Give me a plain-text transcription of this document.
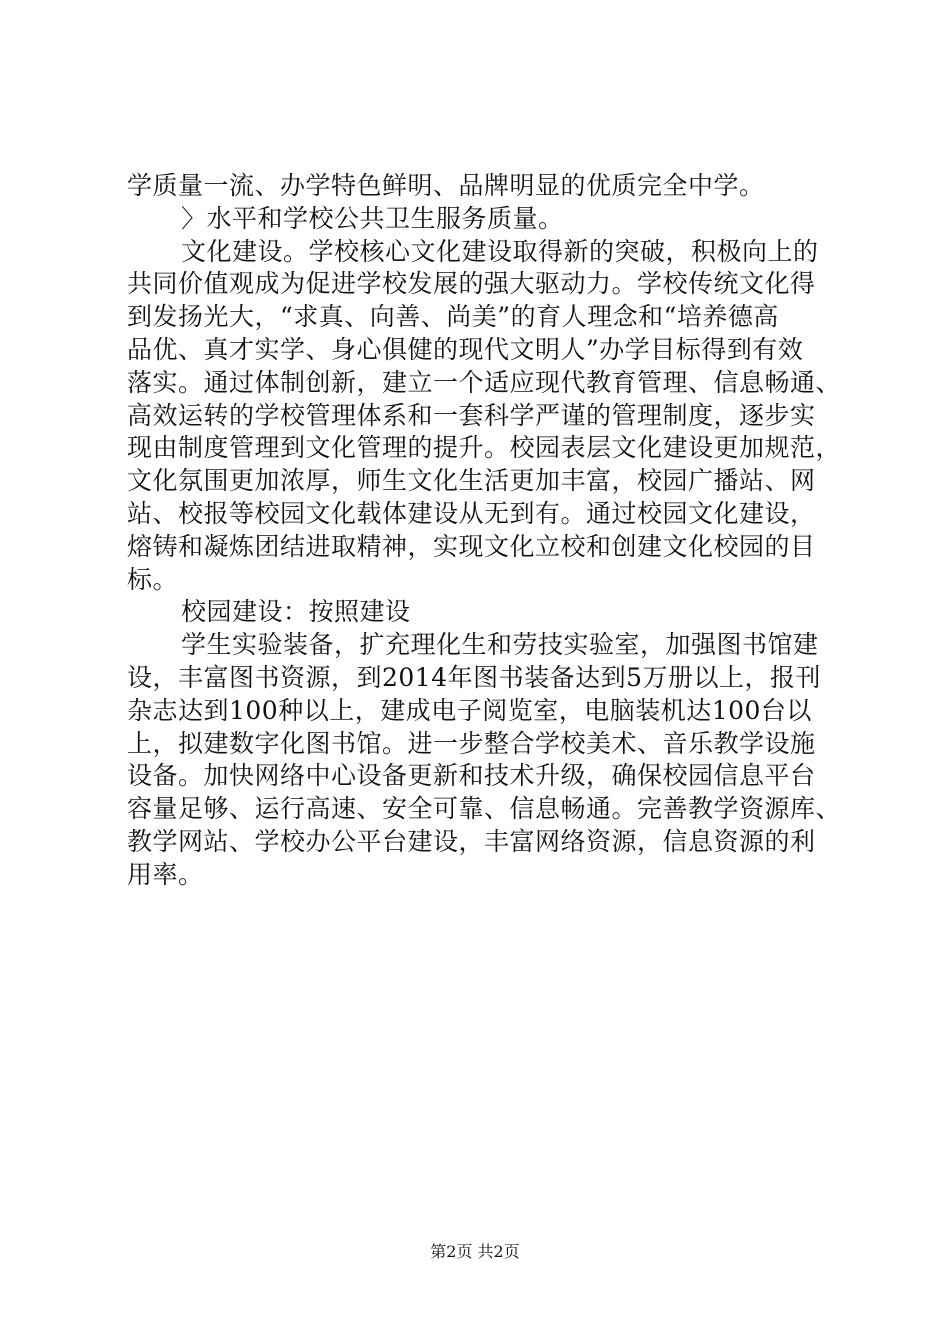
学质量一流、办学特色鲜明、品牌明显的优质完全中学。
〉水平和学校公共卫生服务质量。
文化建设。学校核心文化建设取得新的突破，积极向上的
共同价值观成为促进学校发展的强大驱动力。学校传统文化得
到发扬光大，“求真、向善、尚美”的育人理念和“培养德高
品优、真才实学、身心俱健的现代文明人”办学目标得到有效
落实。通过体制创新，建立一个适应现代教育管理、信息畅通、
高效运转的学校管理体系和一套科学严谨的管理制度，逐步实
现由制度管理到文化管理的提升。校园表层文化建设更加规范，
文化氛围更加浓厚，师生文化生活更加丰富，校园广播站、网
站、校报等校园文化载体建设从无到有。通过校园文化建设，
熔铸和凝炼团结进取精神，实现文化立校和创建文化校园的目
标。
校园建设：按照建设
学生实验装备，扩充理化生和劳技实验室，加强图书馆建
设，丰富图书资源，到2014年图书装备达到5万册以上，报刊
杂志达到100种以上，建成电子阅览室，电脑装机达100台以
上，拟建数字化图书馆。进一步整合学校美术、音乐教学设施
设备。加快网络中心设备更新和技术升级，确保校园信息平台
容量足够、运行高速、安全可靠、信息畅通。完善教学资源库、
教学网站、学校办公平台建设，丰富网络资源，信息资源的利
用率。
第2页 共2页
